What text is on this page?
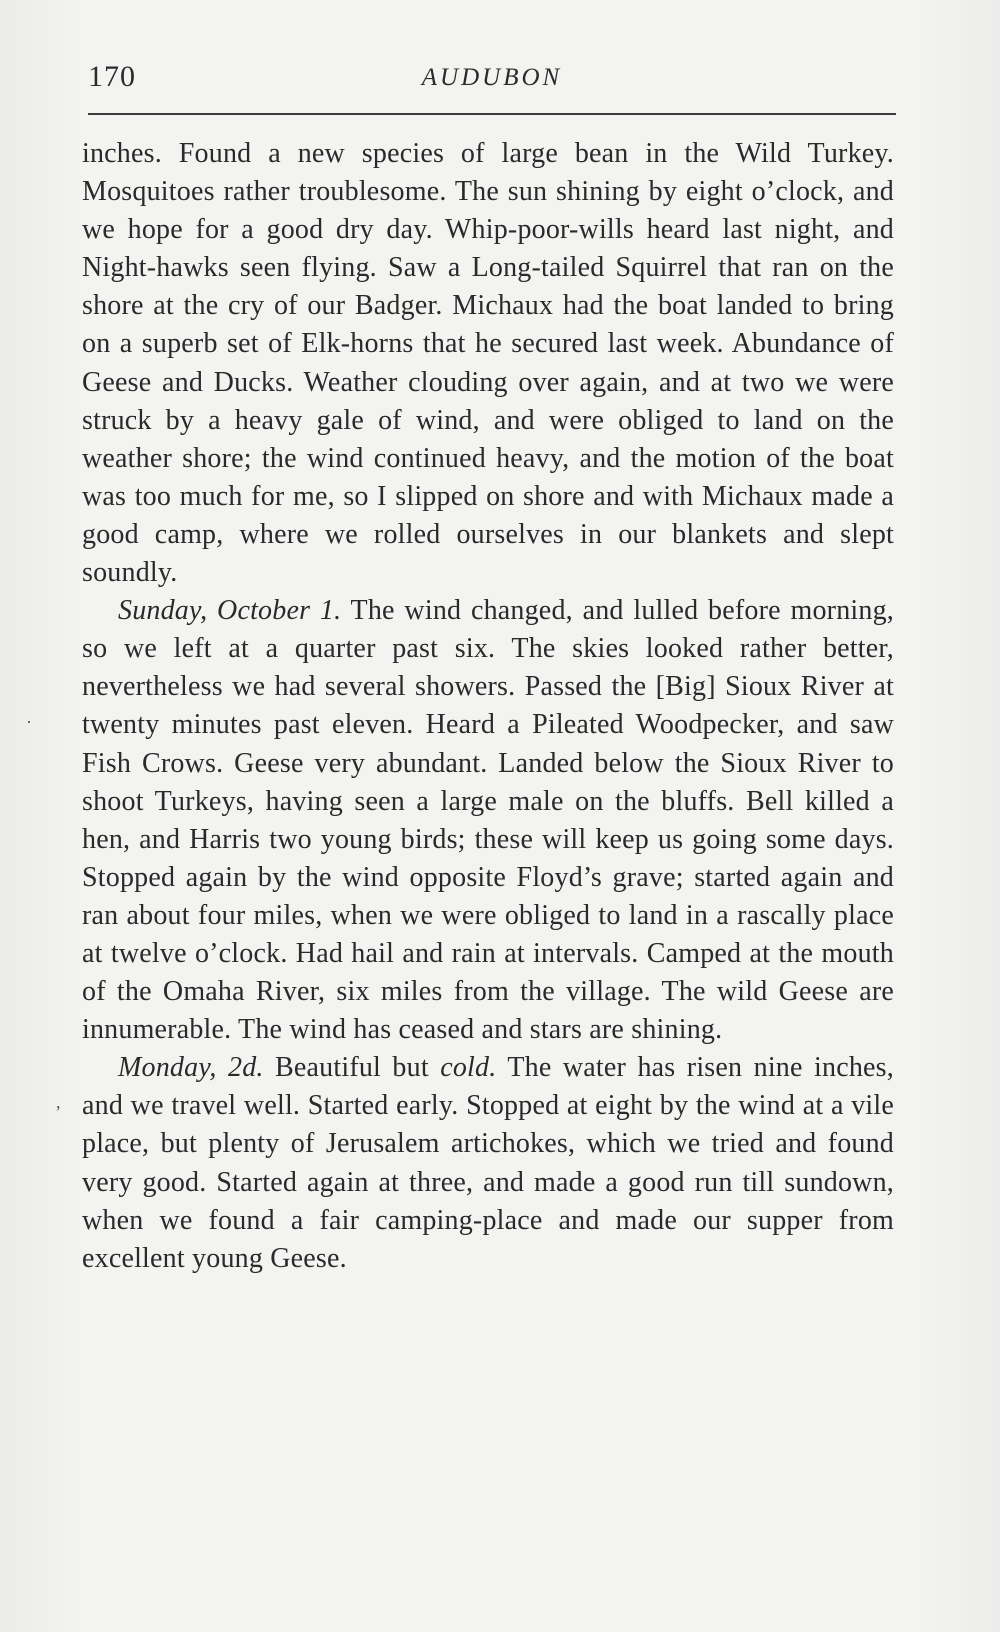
170	AUDUBON
·
,

inches. Found a new species of large bean in the Wild Turkey. Mosquitoes rather troublesome. The sun shining by eight o’clock, and we hope for a good dry day. Whip-poor-wills heard last night, and Night-hawks seen flying. Saw a Long-tailed Squirrel that ran on the shore at the cry of our Badger. Michaux had the boat landed to bring on a superb set of Elk-horns that he secured last week. Abundance of Geese and Ducks. Weather clouding over again, and at two we were struck by a heavy gale of wind, and were obliged to land on the weather shore; the wind continued heavy, and the motion of the boat was too much for me, so I slipped on shore and with Michaux made a good camp, where we rolled ourselves in our blankets and slept soundly.

Sunday, October 1. The wind changed, and lulled before morning, so we left at a quarter past six. The skies looked rather better, nevertheless we had several showers. Passed the [Big] Sioux River at twenty minutes past eleven. Heard a Pileated Woodpecker, and saw Fish Crows. Geese very abundant. Landed below the Sioux River to shoot Turkeys, having seen a large male on the bluffs. Bell killed a hen, and Harris two young birds; these will keep us going some days. Stopped again by the wind opposite Floyd’s grave; started again and ran about four miles, when we were obliged to land in a rascally place at twelve o’clock. Had hail and rain at intervals. Camped at the mouth of the Omaha River, six miles from the village. The wild Geese are innumerable. The wind has ceased and stars are shining.

Monday, 2d. Beautiful but cold. The water has risen nine inches, and we travel well. Started early. Stopped at eight by the wind at a vile place, but plenty of Jerusalem artichokes, which we tried and found very good. Started again at three, and made a good run till sundown, when we found a fair camping-place and made our supper from excellent young Geese.
